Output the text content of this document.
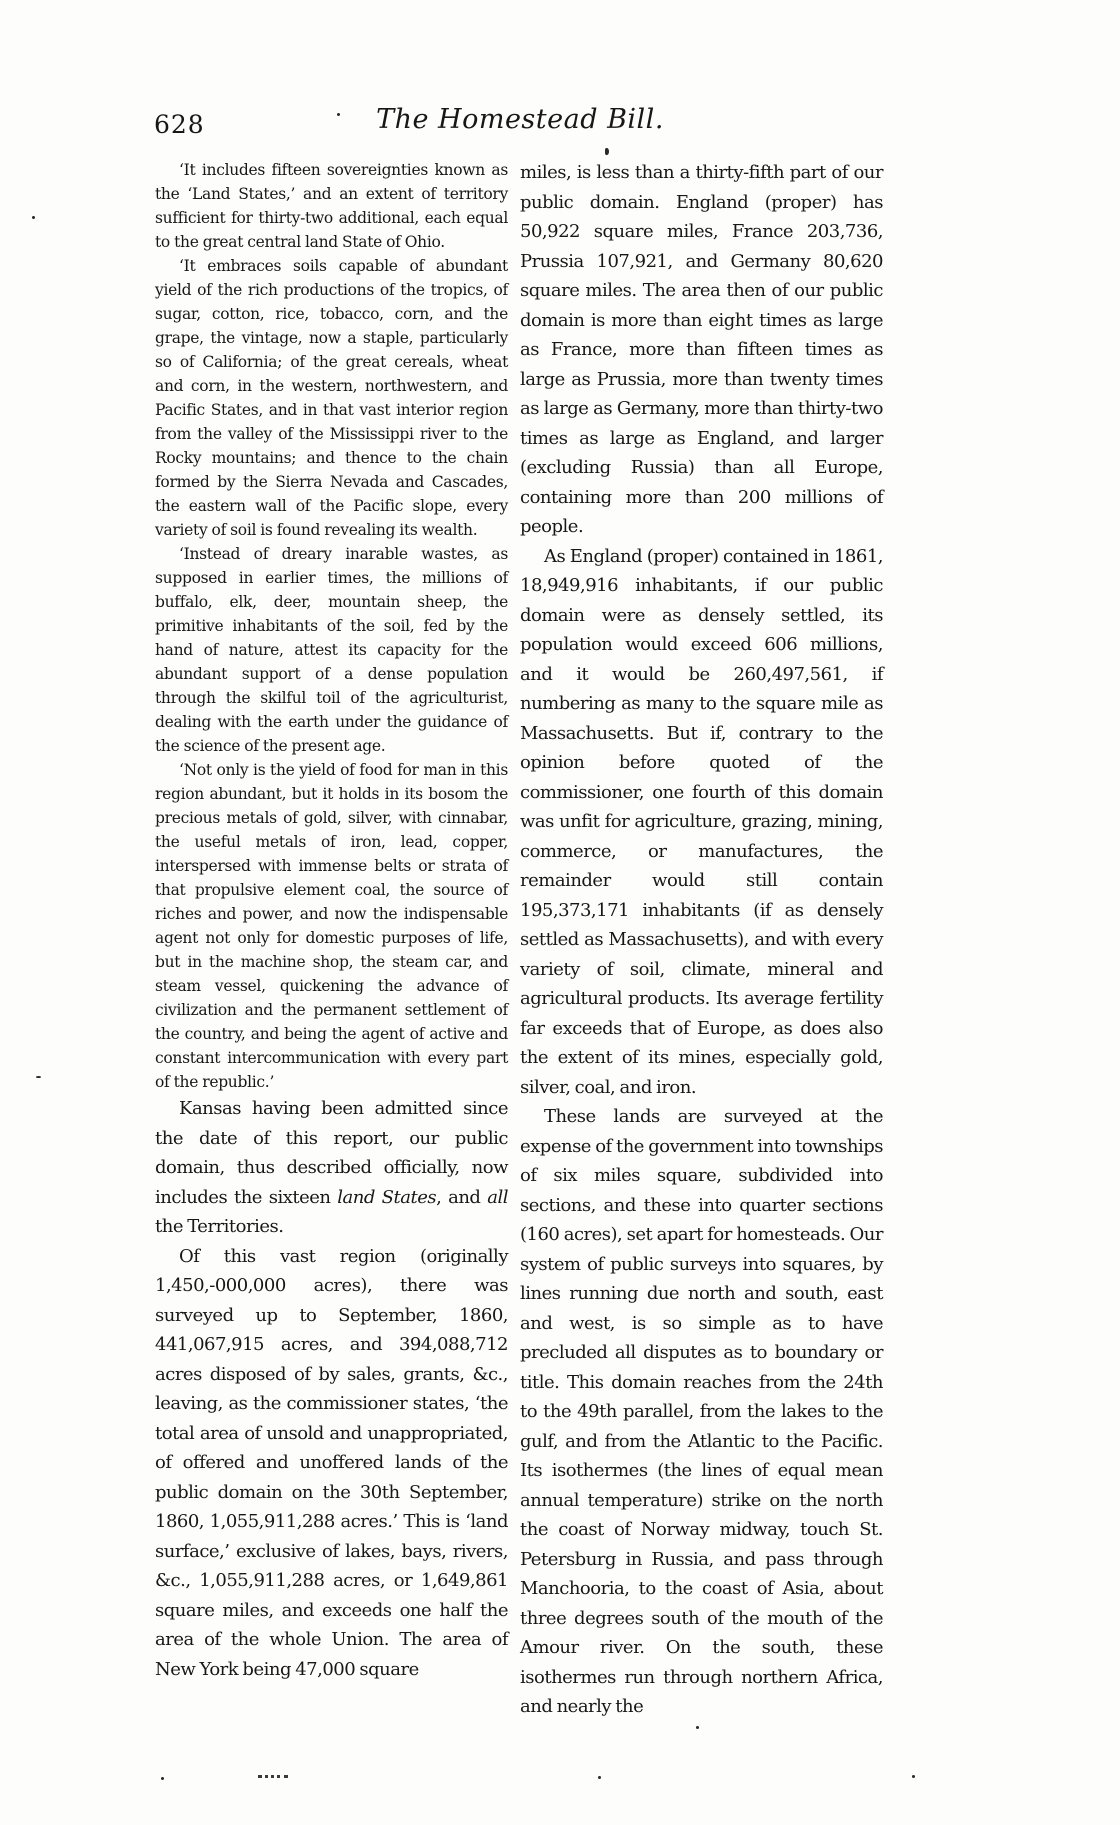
628	The Homestead Bill.

‘It includes fifteen sovereignties known as the ‘Land States,’ and an extent of territory sufficient for thirty-two additional, each equal to the great central land State of Ohio.

‘It embraces soils capable of abundant yield of the rich productions of the tropics, of sugar, cotton, rice, tobacco, corn, and the grape, the vintage, now a staple, particularly so of California; of the great cereals, wheat and corn, in the western, northwestern, and Pacific States, and in that vast interior region from the valley of the Mississippi river to the Rocky mountains; and thence to the chain formed by the Sierra Nevada and Cascades, the eastern wall of the Pacific slope, every variety of soil is found revealing its wealth.

‘Instead of dreary inarable wastes, as supposed in earlier times, the millions of buffalo, elk, deer, mountain sheep, the primitive inhabitants of the soil, fed by the hand of nature, attest its capacity for the abundant support of a dense population through the skilful toil of the agriculturist, dealing with the earth under the guidance of the science of the present age.

‘Not only is the yield of food for man in this region abundant, but it holds in its bosom the precious metals of gold, silver, with cinnabar, the useful metals of iron, lead, copper, interspersed with immense belts or strata of that propulsive element coal, the source of riches and power, and now the indispensable agent not only for domestic purposes of life, but in the machine shop, the steam car, and steam vessel, quickening the advance of civilization and the permanent settlement of the country, and being the agent of active and constant intercommunication with every part of the republic.’

Kansas having been admitted since the date of this report, our public domain, thus described officially, now includes the sixteen land States, and all the Territories.

Of this vast region (originally 1,450,-000,000 acres), there was surveyed up to September, 1860, 441,067,915 acres, and 394,088,712 acres disposed of by sales, grants, &c., leaving, as the commissioner states, ‘the total area of unsold and unappropriated, of offered and unoffered lands of the public domain on the 30th September, 1860, 1,055,911,288 acres.’ This is ‘land surface,’ exclusive of lakes, bays, rivers, &c., 1,055,911,288 acres, or 1,649,861 square miles, and exceeds one half the area of the whole Union. The area of New York being 47,000 square

miles, is less than a thirty-fifth part of our public domain. England (proper) has 50,922 square miles, France 203,736, Prussia 107,921, and Germany 80,620 square miles. The area then of our public domain is more than eight times as large as France, more than fifteen times as large as Prussia, more than twenty times as large as Germany, more than thirty-two times as large as England, and larger (excluding Russia) than all Europe, containing more than 200 millions of people.

As England (proper) contained in 1861, 18,949,916 inhabitants, if our public domain were as densely settled, its population would exceed 606 millions, and it would be 260,497,561, if numbering as many to the square mile as Massachusetts. But if, contrary to the opinion before quoted of the commissioner, one fourth of this domain was unfit for agriculture, grazing, mining, commerce, or manufactures, the remainder would still contain 195,373,171 inhabitants (if as densely settled as Massachusetts), and with every variety of soil, climate, mineral and agricultural products. Its average fertility far exceeds that of Europe, as does also the extent of its mines, especially gold, silver, coal, and iron.

These lands are surveyed at the expense of the government into townships of six miles square, subdivided into sections, and these into quarter sections (160 acres), set apart for homesteads. Our system of public surveys into squares, by lines running due north and south, east and west, is so simple as to have precluded all disputes as to boundary or title. This domain reaches from the 24th to the 49th parallel, from the lakes to the gulf, and from the Atlantic to the Pacific. Its isothermes (the lines of equal mean annual temperature) strike on the north the coast of Norway midway, touch St. Petersburg in Russia, and pass through Manchooria, to the coast of Asia, about three degrees south of the mouth of the Amour river. On the south, these isothermes run through northern Africa, and nearly the
